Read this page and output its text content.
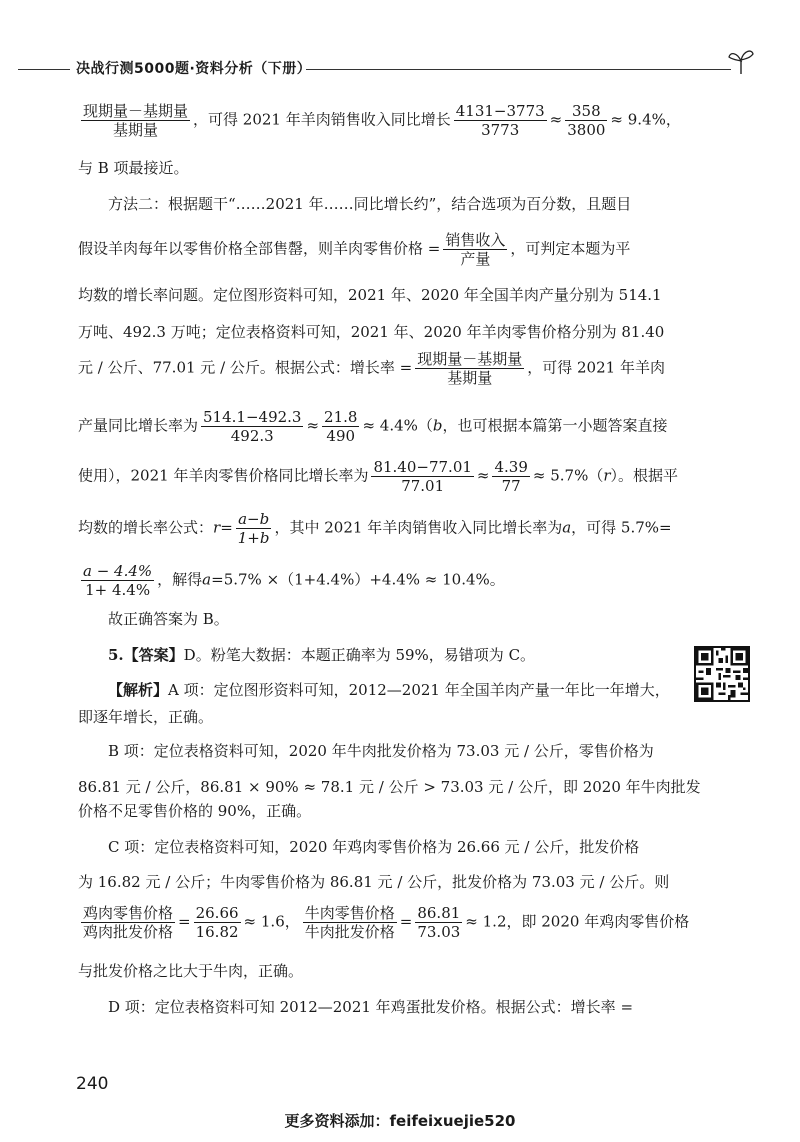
决战行测5000题·资料分析（下册）
$\frac{\text{现期量－基期量}}{\text{基期量}}$ ，可得 2021 年羊肉销售收入同比增长 $\frac{4131-3773}{3773} \approx \frac{358}{3800} \approx 9.4\%$，
与 B 项最接近。
方法二：根据题干“……2021 年……同比增长约”，结合选项为百分数，且题目
假设羊肉每年以零售价格全部售罄，则羊肉零售价格 = $\frac{\text{销售收入}}{\text{产量}}$ ，可判定本题为平
均数的增长率问题。定位图形资料可知，2021 年、2020 年全国羊肉产量分别为 514.1
万吨、492.3 万吨；定位表格资料可知，2021 年、2020 年羊肉零售价格分别为 81.40
元 / 公斤、77.01 元 / 公斤。根据公式：增长率 = $\frac{\text{现期量－基期量}}{\text{基期量}}$ ，可得 2021 年羊肉
产量同比增长率为 $\frac{514.1-492.3}{492.3} \approx \frac{21.8}{490} \approx 4.4\%(b$，也可根据本篇第一小题答案直接
使用），2021 年羊肉零售价格同比增长率为 $\frac{81.40-77.01}{77.01} \approx \frac{4.39}{77} \approx 5.7\%(r)$。根据平
均数的增长率公式：$r= \frac{a-b}{1+b}$ ，其中 2021 年羊肉销售收入同比增长率为a，可得 5.7%=
$\frac{a - 4.4\%}{1+ 4.4\%}$ ，解得a=5.7% ×（1+4.4%）+4.4% ≈ 10.4%。
故正确答案为 B。
5.【答案】D。粉笔大数据：本题正确率为 59%，易错项为 C。
【解析】A 项：定位图形资料可知，2012—2021 年全国羊肉产量一年比一年增大，
即逐年增长，正确。
B 项：定位表格资料可知，2020 年牛肉批发价格为 73.03 元 / 公斤，零售价格为
86.81 元 / 公斤，86.81 × 90% ≈ 78.1 元 / 公斤 > 73.03 元 / 公斤，即 2020 年牛肉批发
价格不足零售价格的 90%，正确。
C 项：定位表格资料可知，2020 年鸡肉零售价格为 26.66 元 / 公斤，批发价格
为 16.82 元 / 公斤；牛肉零售价格为 86.81 元 / 公斤，批发价格为 73.03 元 / 公斤。则
$\frac{\text{鸡肉零售价格}}{\text{鸡肉批发价格}} = \frac{26.66}{16.82} \approx 1.6$， $\frac{\text{牛肉零售价格}}{\text{牛肉批发价格}} = \frac{86.81}{73.03} \approx 1.2$，即 2020 年鸡肉零售价格
与批发价格之比大于牛肉，正确。
D 项：定位表格资料可知 2012—2021 年鸡蛋批发价格。根据公式：增长率 =
240
更多资料添加：feifeixuejie520
